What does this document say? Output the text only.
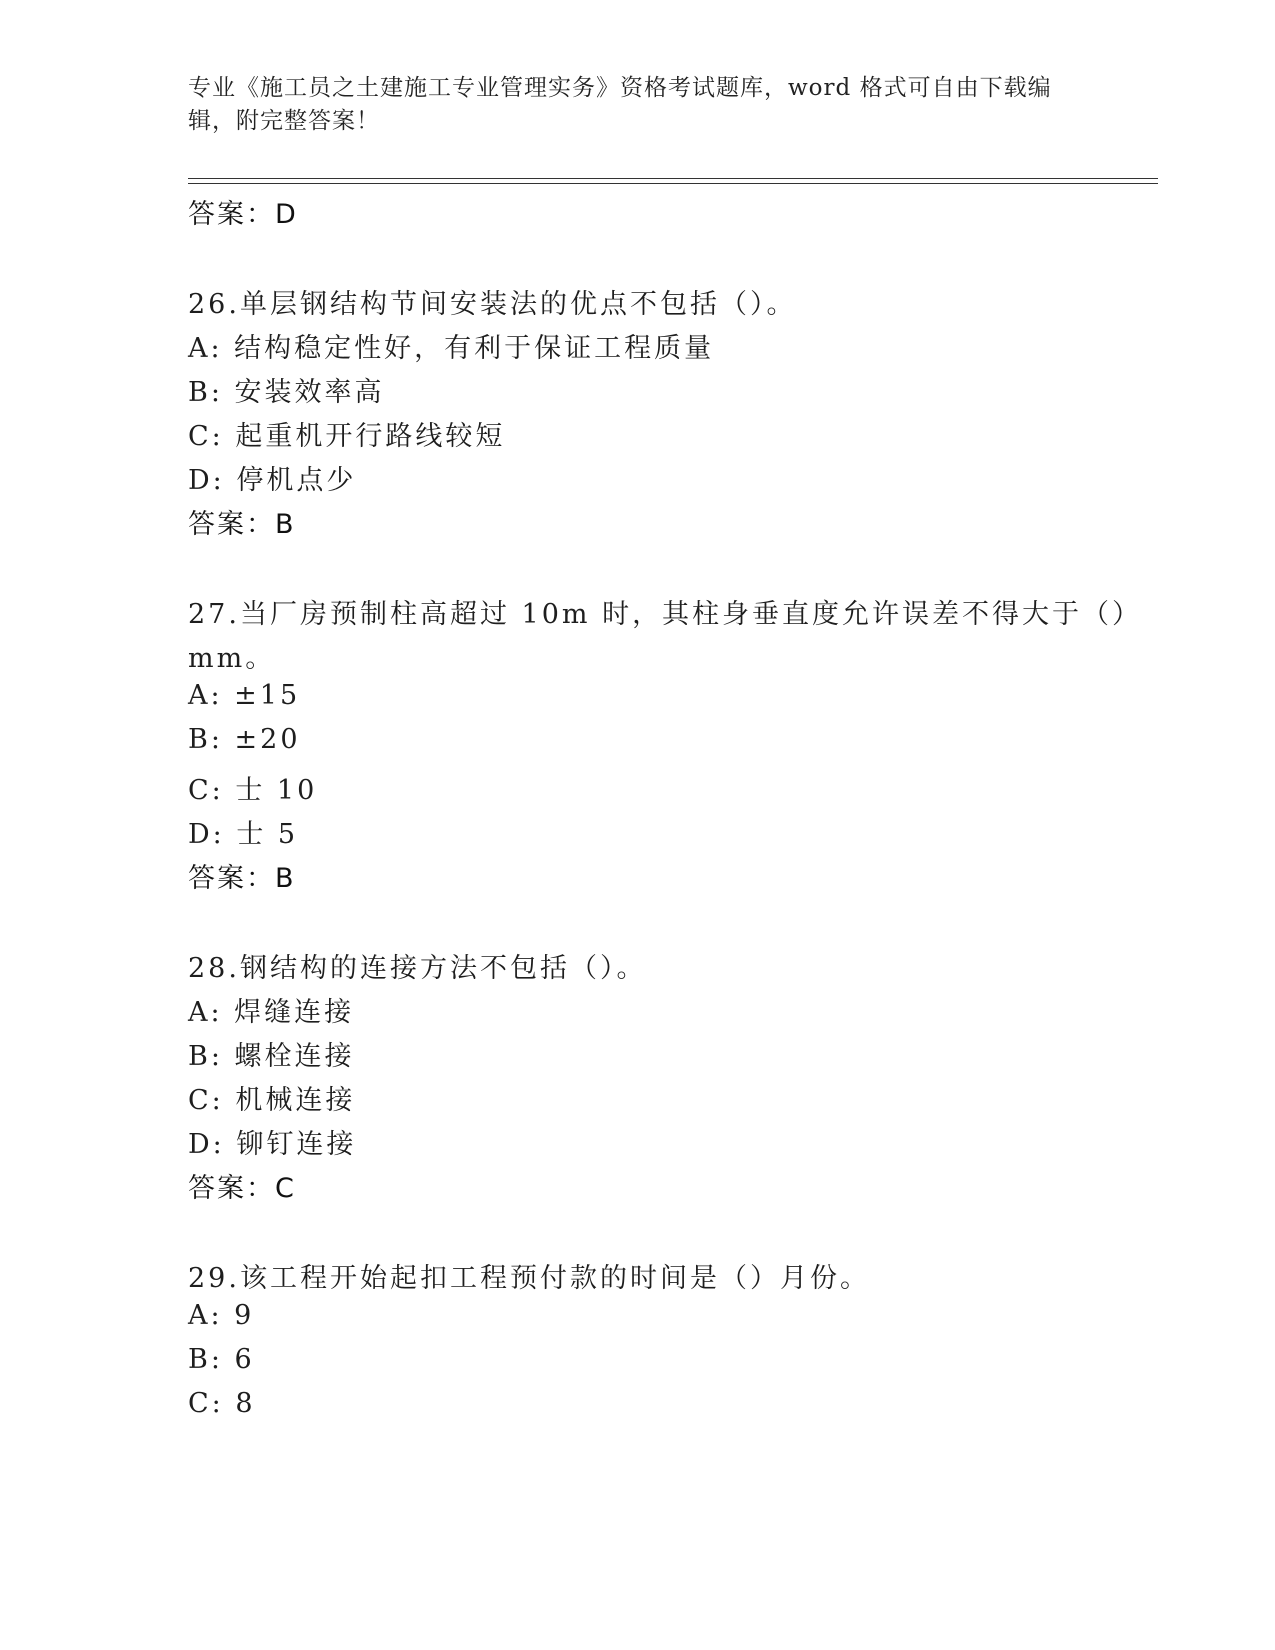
专业《施工员之土建施工专业管理实务》资格考试题库，word 格式可自由下载编
辑，附完整答案！
答案：D
26.单层钢结构节间安装法的优点不包括（）。
A: 结构稳定性好，有利于保证工程质量
B: 安装效率高
C: 起重机开行路线较短
D: 停机点少
答案：B
27.当厂房预制柱高超过 10m 时，其柱身垂直度允许误差不得大于（）
mm。
A: ±15
B: ±20
C: 士 10
D: 士 5
答案：B
28.钢结构的连接方法不包括（）。
A: 焊缝连接
B: 螺栓连接
C: 机械连接
D: 铆钉连接
答案：C
29.该工程开始起扣工程预付款的时间是（）月份。
A: 9
B: 6
C: 8
